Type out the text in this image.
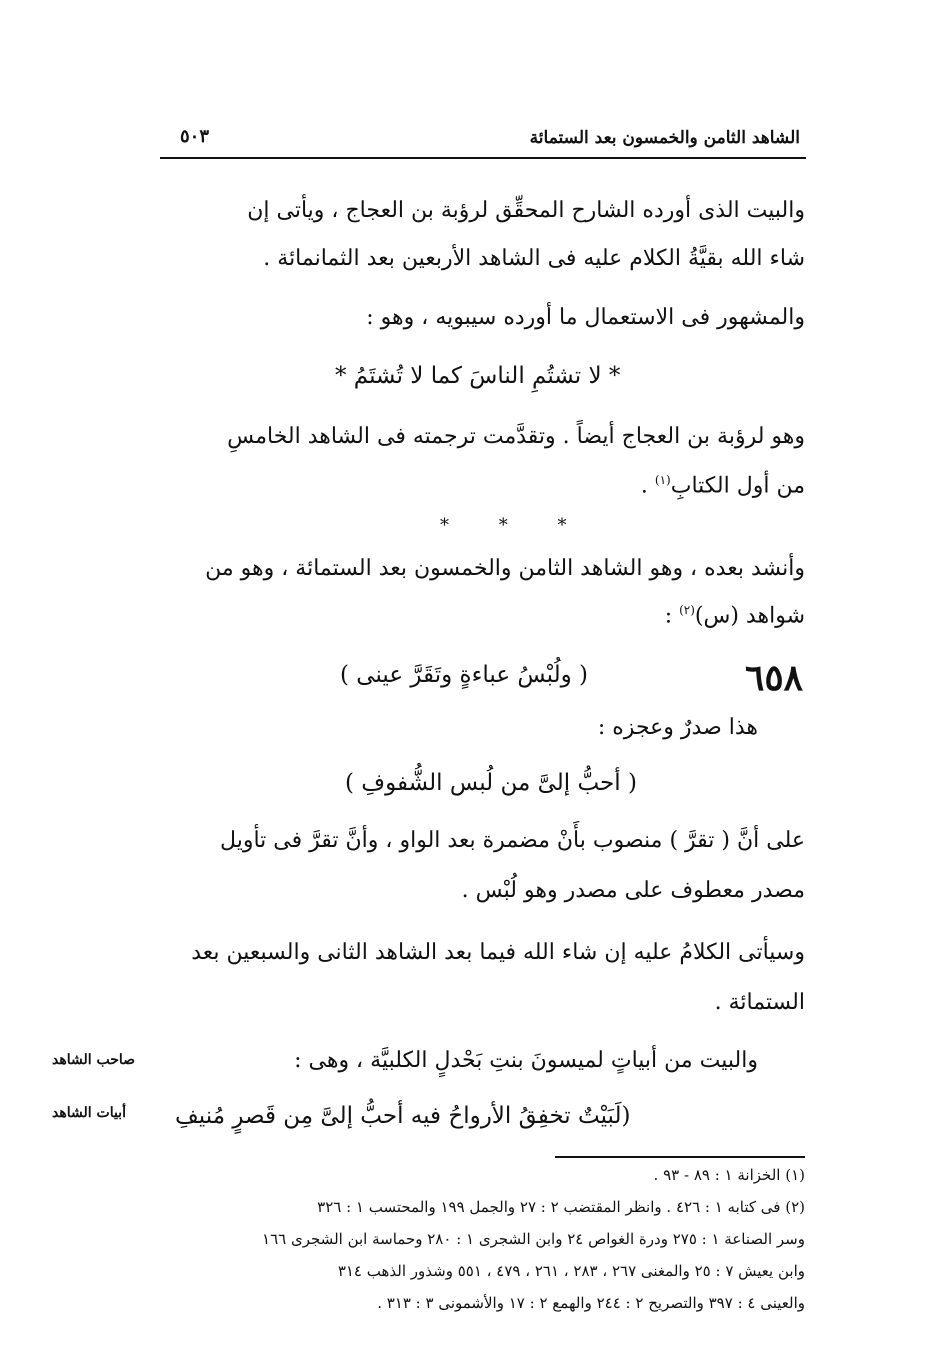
الشاهد الثامن والخمسون بعد الستمائة
٥٠٣
والبيت الذى أورده الشارح المحقِّق لرؤبة بن العجاج ، ويأتى إن
شاء الله بقيَّةُ الكلام عليه فى الشاهد الأربعين بعد الثمانمائة .
والمشهور فى الاستعمال ما أورده سيبويه ، وهو :
* لا تشتُمِ الناسَ كما لا تُشتَمُ *
وهو لرؤبة بن العجاج أيضاً . وتقدَّمت ترجمته فى الشاهد الخامسِ
من أول الكتابِ$^{(١)}$ .
* * *
وأنشد بعده ، وهو الشاهد الثامن والخمسون بعد الستمائة ، وهو من
شواهد (س)$^{(٢)}$ :
٦٥٨
( ولُبْسُ عباءةٍ وتَقَرَّ عينى )
هذا صدرٌ وعجزه :
( أحبُّ إلىَّ من لُبس الشُّفوفِ )
على أنَّ ( تقرَّ ) منصوب بأَنْ مضمرة بعد الواو ، وأنَّ تقرَّ فى تأويل
مصدر معطوف على مصدر وهو لُبْس .
وسيأتى الكلامُ عليه إن شاء الله فيما بعد الشاهد الثانى والسبعين بعد
الستمائة .
والبيت من أبياتٍ لميسونَ بنتِ بَحْدلٍ الكلبيَّة ، وهى :
صاحب الشاهد
(لَبَيْتٌ تخفِقُ الأرواحُ فيه أحبُّ إلىَّ مِن قَصرٍ مُنيفِ
أبيات الشاهد
(١) الخزانة ١ : ٨٩ - ٩٣ .
(٢) فى كتابه ١ : ٤٢٦ . وانظر المقتضب ٢ : ٢٧ والجمل ١٩٩ والمحتسب ١ : ٣٢٦
وسر الصناعة ١ : ٢٧٥ ودرة الغواص ٢٤ وابن الشجرى ١ : ٢٨٠ وحماسة ابن الشجرى ١٦٦
وابن يعيش ٧ : ٢٥ والمغنى ٢٦٧ ، ٢٨٣ ، ٢٦١ ، ٤٧٩ ، ٥٥١ وشذور الذهب ٣١٤
والعينى ٤ : ٣٩٧ والتصريح ٢ : ٢٤٤ والهمع ٢ : ١٧ والأشمونى ٣ : ٣١٣ .
